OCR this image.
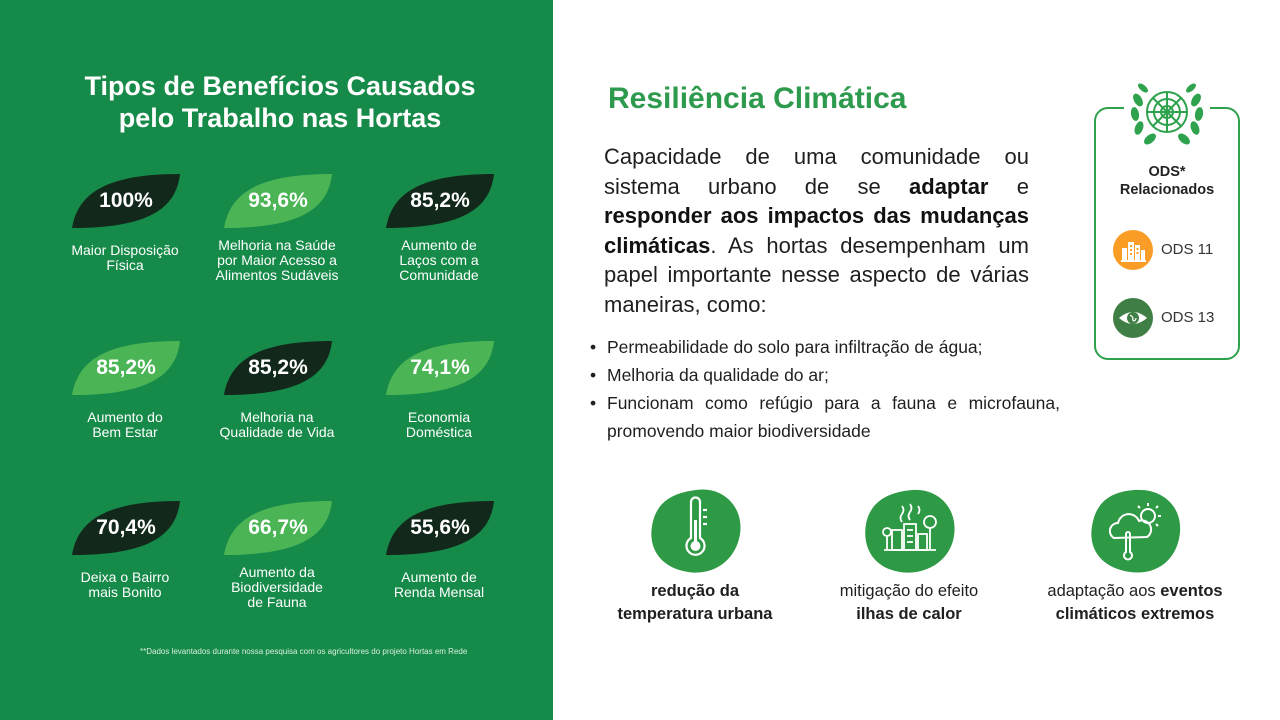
Tipos de Benefícios Causados
pelo Trabalho nas Hortas
100%
Maior Disposição
Física
93,6%
Melhoria na Saúde
por Maior Acesso a
Alimentos Sudáveis
85,2%
Aumento de
Laços com a
Comunidade
85,2%
Aumento do
Bem Estar
85,2%
Melhoria na
Qualidade de Vida
74,1%
Economia
Doméstica
70,4%
Deixa o Bairro
mais Bonito
66,7%
Aumento da
Biodiversidade
de Fauna
55,6%
Aumento de
Renda Mensal
**Dados levantados durante nossa pesquisa com os agricultores do projeto Hortas em Rede
Resiliência Climática
Capacidade de uma comunidade ou sistema urbano de se adaptar e responder aos impactos das mudanças climáticas. As hortas desempenham um papel importante nesse aspecto de várias maneiras, como:
• Permeabilidade do solo para infiltração de água;
• Melhoria da qualidade do ar;
• Funcionam como refúgio para a fauna e microfauna, promovendo maior biodiversidade
ODS*
Relacionados
ODS 11
ODS 13
redução da
temperatura urbana
mitigação do efeito
ilhas de calor
adaptação aos eventos
climáticos extremos
